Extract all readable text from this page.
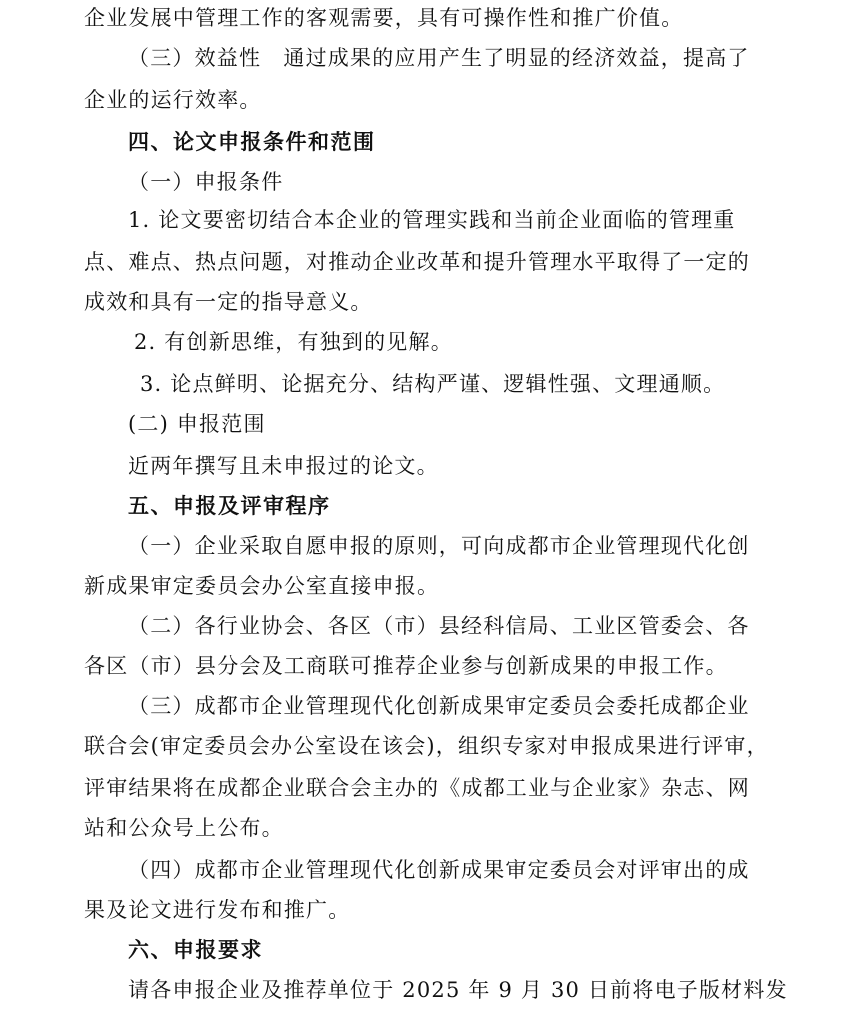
企业发展中管理工作的客观需要，具有可操作性和推广价值。
（三）效益性　通过成果的应用产生了明显的经济效益，提高了
企业的运行效率。
四、论文申报条件和范围
（一）申报条件
1. 论文要密切结合本企业的管理实践和当前企业面临的管理重
点、难点、热点问题，对推动企业改革和提升管理水平取得了一定的
成效和具有一定的指导意义。
2. 有创新思维，有独到的见解。
3. 论点鲜明、论据充分、结构严谨、逻辑性强、文理通顺。
(二) 申报范围
近两年撰写且未申报过的论文。
五、申报及评审程序
（一）企业采取自愿申报的原则，可向成都市企业管理现代化创
新成果审定委员会办公室直接申报。
（二）各行业协会、各区（市）县经科信局、工业区管委会、各
各区（市）县分会及工商联可推荐企业参与创新成果的申报工作。
（三）成都市企业管理现代化创新成果审定委员会委托成都企业
联合会(审定委员会办公室设在该会)，组织专家对申报成果进行评审，
评审结果将在成都企业联合会主办的《成都工业与企业家》杂志、网
站和公众号上公布。
（四）成都市企业管理现代化创新成果审定委员会对评审出的成
果及论文进行发布和推广。
六、申报要求
请各申报企业及推荐单位于 2025 年 9 月 30 日前将电子版材料发
